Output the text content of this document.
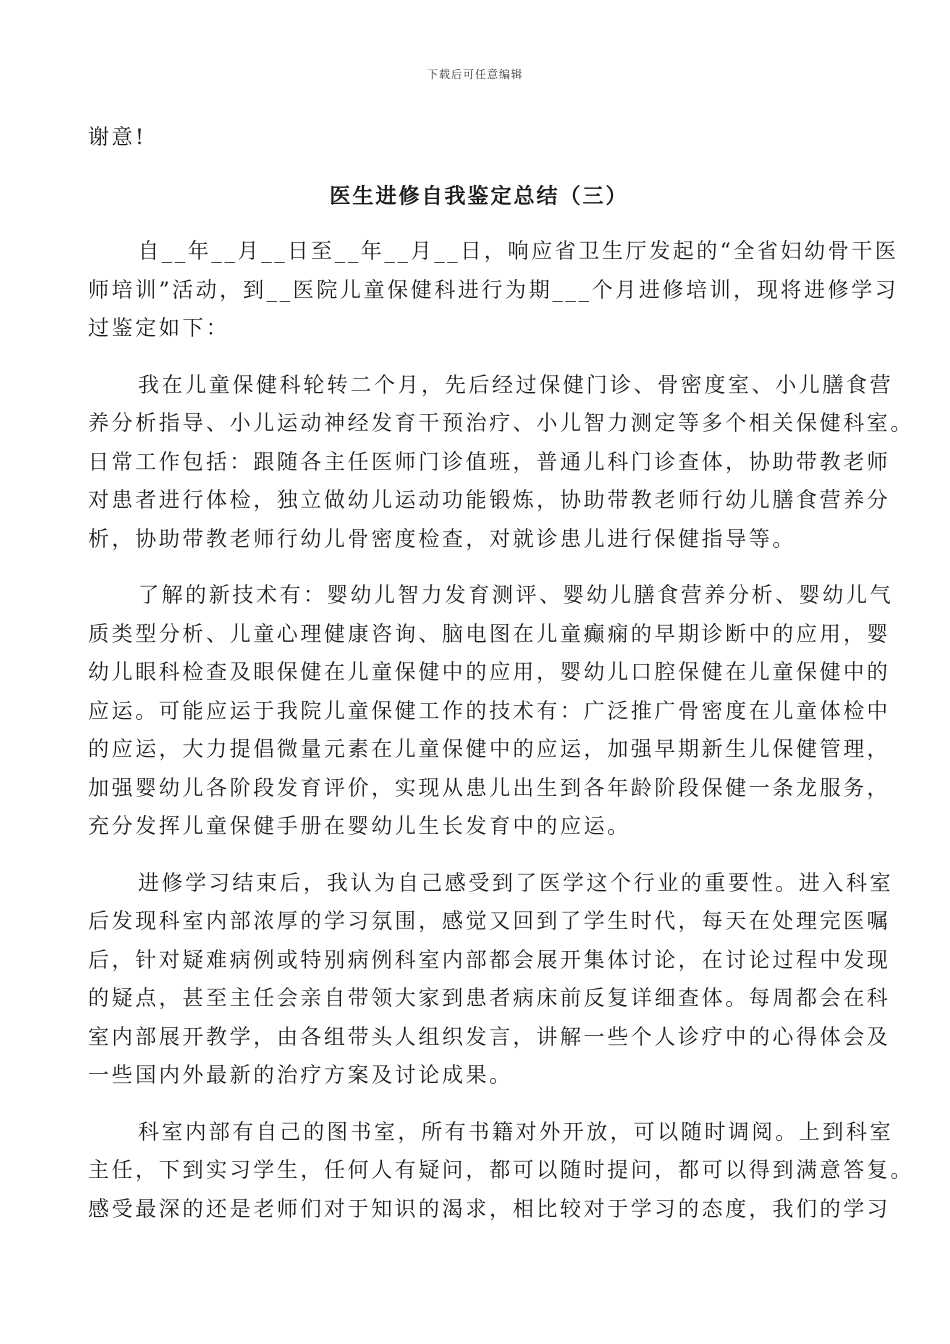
下载后可任意编辑
谢意!
医生进修自我鉴定总结（三）
自__年__月__日至__年__月__日，响应省卫生厅发起的“全省妇幼骨干医
师培训”活动，到__医院儿童保健科进行为期___个月进修培训，现将进修学习
过鉴定如下：
我在儿童保健科轮转二个月，先后经过保健门诊、骨密度室、小儿膳食营
养分析指导、小儿运动神经发育干预治疗、小儿智力测定等多个相关保健科室。
日常工作包括：跟随各主任医师门诊值班，普通儿科门诊查体，协助带教老师
对患者进行体检，独立做幼儿运动功能锻炼，协助带教老师行幼儿膳食营养分
析，协助带教老师行幼儿骨密度检查，对就诊患儿进行保健指导等。
了解的新技术有：婴幼儿智力发育测评、婴幼儿膳食营养分析、婴幼儿气
质类型分析、儿童心理健康咨询、脑电图在儿童癫痫的早期诊断中的应用，婴
幼儿眼科检查及眼保健在儿童保健中的应用，婴幼儿口腔保健在儿童保健中的
应运。可能应运于我院儿童保健工作的技术有：广泛推广骨密度在儿童体检中
的应运，大力提倡微量元素在儿童保健中的应运，加强早期新生儿保健管理，
加强婴幼儿各阶段发育评价，实现从患儿出生到各年龄阶段保健一条龙服务，
充分发挥儿童保健手册在婴幼儿生长发育中的应运。
进修学习结束后，我认为自己感受到了医学这个行业的重要性。进入科室
后发现科室内部浓厚的学习氛围，感觉又回到了学生时代，每天在处理完医嘱
后，针对疑难病例或特别病例科室内部都会展开集体讨论，在讨论过程中发现
的疑点，甚至主任会亲自带领大家到患者病床前反复详细查体。每周都会在科
室内部展开教学，由各组带头人组织发言，讲解一些个人诊疗中的心得体会及
一些国内外最新的治疗方案及讨论成果。
科室内部有自己的图书室，所有书籍对外开放，可以随时调阅。上到科室
主任，下到实习学生，任何人有疑问，都可以随时提问，都可以得到满意答复。
感受最深的还是老师们对于知识的渴求，相比较对于学习的态度，我们的学习
